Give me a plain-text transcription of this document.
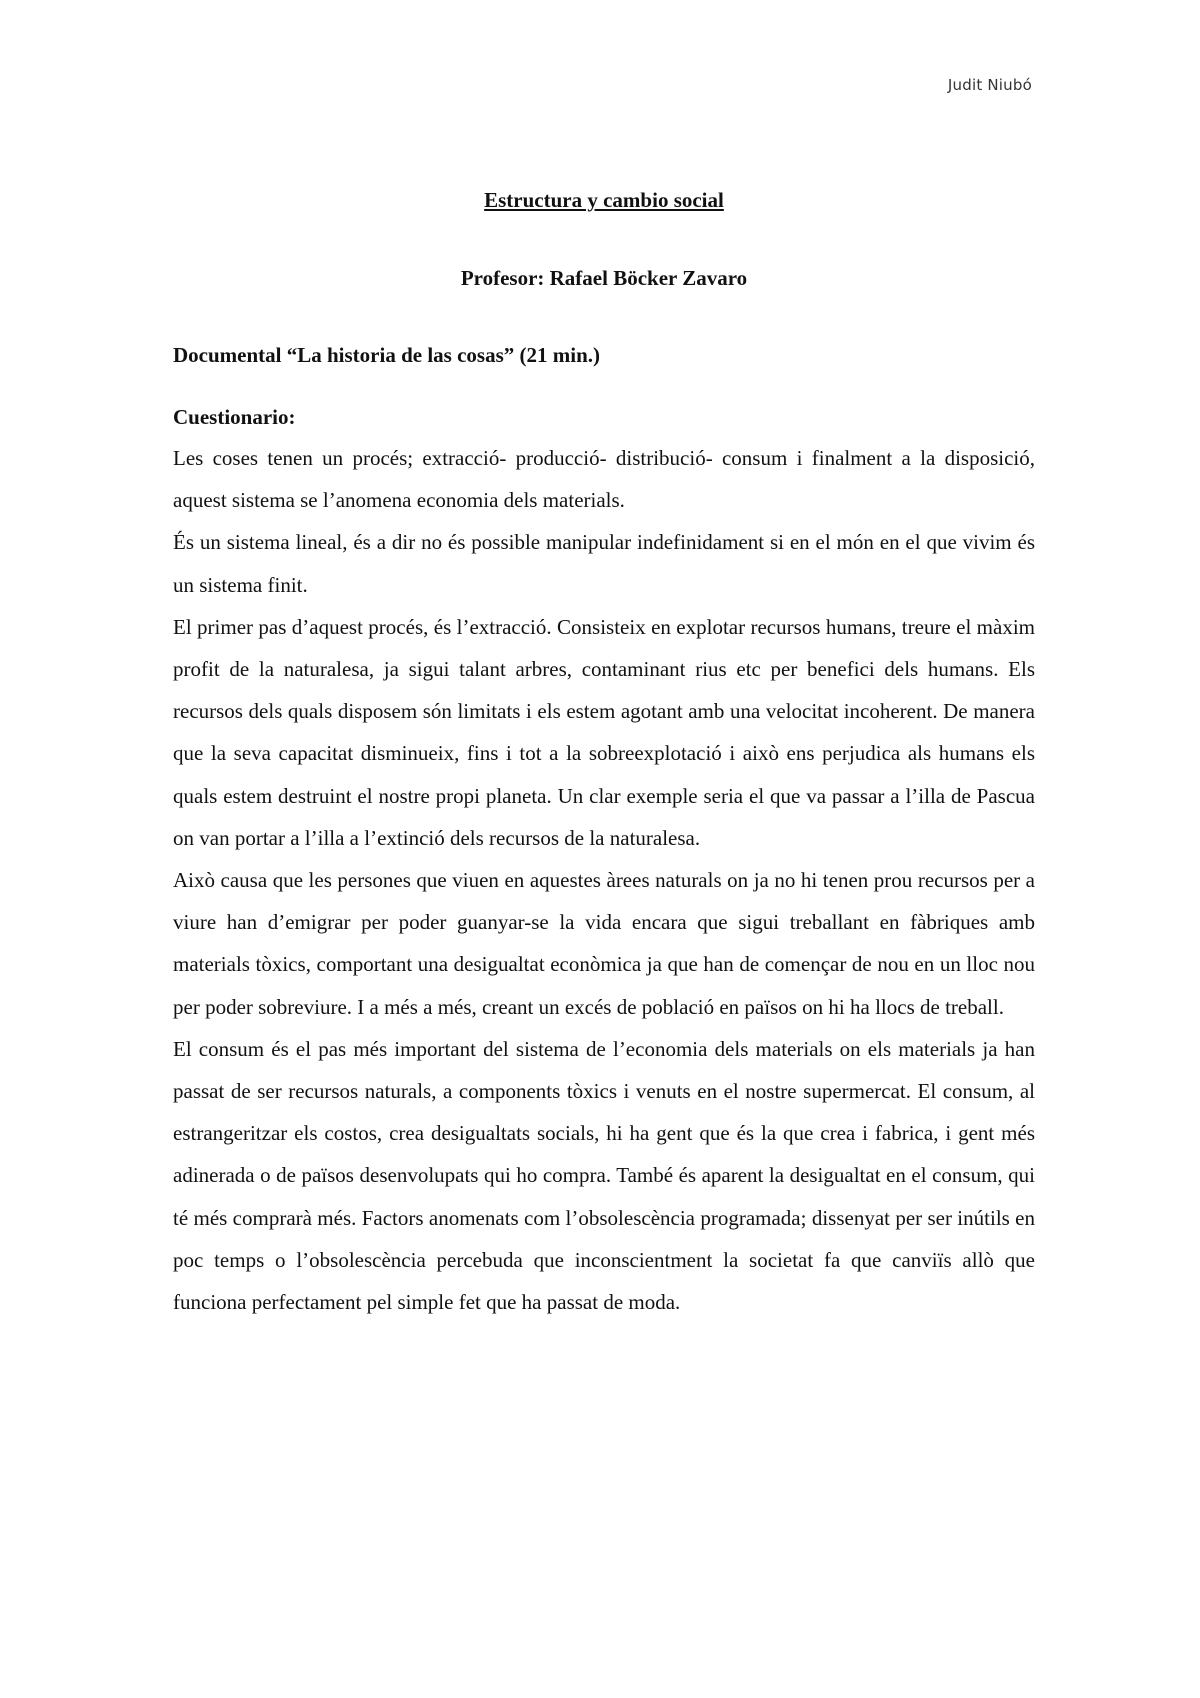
Judit Niubó

Estructura y cambio social

Profesor: Rafael Böcker Zavaro

Documental “La historia de las cosas” (21 min.)

Cuestionario:

Les coses tenen un procés; extracció- producció- distribució- consum i finalment a la disposició, aquest sistema se l’anomena economia dels materials.

És un sistema lineal, és a dir no és possible manipular indefinidament si en el món en el que vivim és un sistema finit.

El primer pas d’aquest procés, és l’extracció. Consisteix en explotar recursos humans, treure el màxim profit de la naturalesa, ja sigui talant arbres, contaminant rius etc per benefici dels humans. Els recursos dels quals disposem són limitats i els estem agotant amb una velocitat incoherent. De manera que la seva capacitat disminueix, fins i tot a la sobreexplotació i això ens perjudica als humans els quals estem destruint el nostre propi planeta. Un clar exemple seria el que va passar a l’illa de Pascua on van portar a l’illa a l’extinció dels recursos de la naturalesa.

Això causa que les persones que viuen en aquestes àrees naturals on ja no hi tenen prou recursos per a viure han d’emigrar per poder guanyar-se la vida encara que sigui treballant en fàbriques amb materials tòxics, comportant una desigualtat econòmica ja que han de començar de nou en un lloc nou per poder sobreviure. I a més a més, creant un excés de població en països on hi ha llocs de treball.

El consum és el pas més important del sistema de l’economia dels materials on els materials ja han passat de ser recursos naturals, a components tòxics i venuts en el nostre supermercat. El consum, al estrangeritzar els costos, crea desigualtats socials, hi ha gent que és la que crea i fabrica, i gent més adinerada o de països desenvolupats qui ho compra. També és aparent la desigualtat en el consum, qui té més comprarà més. Factors anomenats com l’obsolescència programada; dissenyat per ser inútils en poc temps o l’obsolescència percebuda que inconscientment la societat fa que canviïs allò que funciona perfectament pel simple fet que ha passat de moda.
